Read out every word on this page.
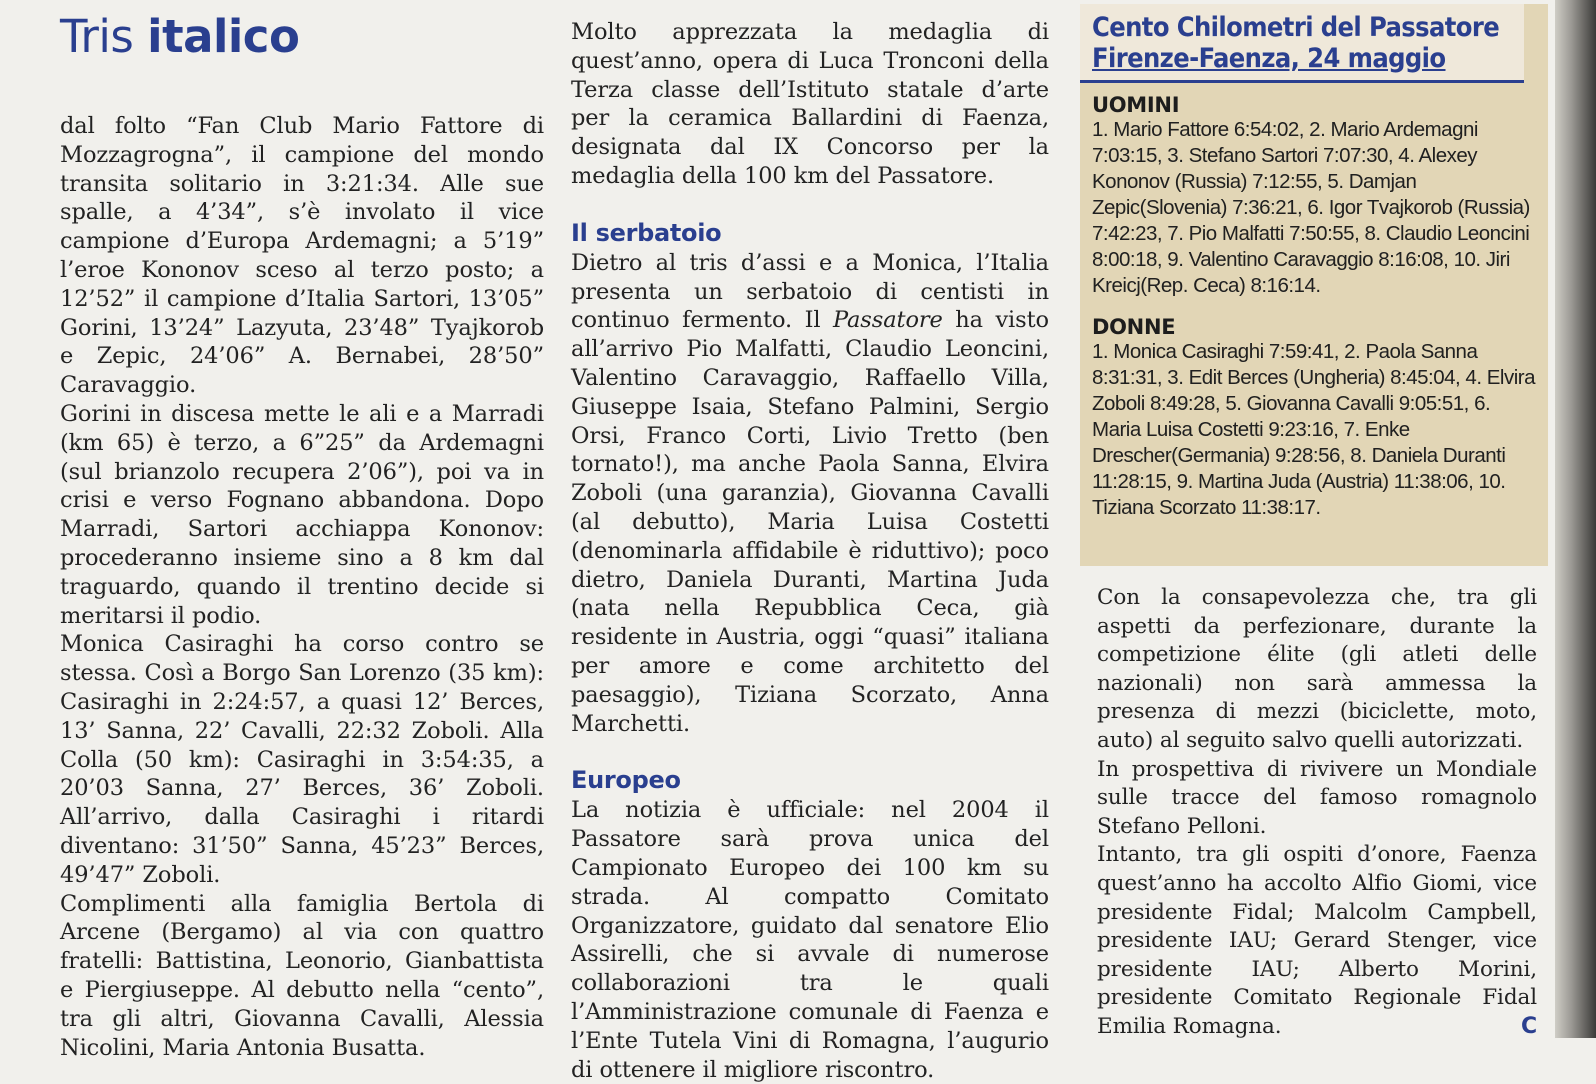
Tris italico

dal folto “Fan Club Mario Fattore di Mozzagrogna”, il campione del mondo transita solitario in 3:21:34. Alle sue spalle, a 4’34”, s’è involato il vice campione d’Europa Ardemagni; a 5’19” l’eroe Kononov sceso al terzo posto; a 12’52” il campione d’Italia Sartori, 13’05” Gorini, 13’24” Lazyuta, 23’48” Tyajkorob e Zepic, 24’06” A. Bernabei, 28’50” Caravaggio.

Gorini in discesa mette le ali e a Marradi (km 65) è terzo, a 6”25” da Ardemagni (sul brianzolo recupera 2’06”), poi va in crisi e verso Fognano abbandona. Dopo Marradi, Sartori acchiappa Kononov: procederanno insieme sino a 8 km dal traguardo, quando il trentino decide si meritarsi il podio.

Monica Casiraghi ha corso contro se stessa. Così a Borgo San Lorenzo (35 km): Casiraghi in 2:24:57, a quasi 12’ Berces, 13’ Sanna, 22’ Cavalli, 22:32 Zoboli. Alla Colla (50 km): Casiraghi in 3:54:35, a 20’03 Sanna, 27’ Berces, 36’ Zoboli. All’arrivo, dalla Casiraghi i ritardi diventano: 31’50” Sanna, 45’23” Berces, 49’47” Zoboli.

Complimenti alla famiglia Bertola di Arcene (Bergamo) al via con quattro fratelli: Battistina, Leonorio, Gianbattista e Piergiuseppe. Al debutto nella “cento”, tra gli altri, Giovanna Cavalli, Alessia Nicolini, Maria Antonia Busatta.

Molto apprezzata la medaglia di quest’anno, opera di Luca Tronconi della Terza classe dell’Istituto statale d’arte per la ceramica Ballardini di Faenza, designata dal IX Concorso per la medaglia della 100 km del Passatore.

Il serbatoio

Dietro al tris d’assi e a Monica, l’Italia presenta un serbatoio di centisti in continuo fermento. Il Passatore ha visto all’arrivo Pio Malfatti, Claudio Leoncini, Valentino Caravaggio, Raffaello Villa, Giuseppe Isaia, Stefano Palmini, Sergio Orsi, Franco Corti, Livio Tretto (ben tornato!), ma anche Paola Sanna, Elvira Zoboli (una garanzia), Giovanna Cavalli (al debutto), Maria Luisa Costetti (denominarla affidabile è riduttivo); poco dietro, Daniela Duranti, Martina Juda (nata nella Repubblica Ceca, già residente in Austria, oggi “quasi” italiana per amore e come architetto del paesaggio), Tiziana Scorzato, Anna Marchetti.

Europeo

La notizia è ufficiale: nel 2004 il Passatore sarà prova unica del Campionato Europeo dei 100 km su strada. Al compatto Comitato Organizzatore, guidato dal senatore Elio Assirelli, che si avvale di numerose collaborazioni tra le quali l’Amministrazione comunale di Faenza e l’Ente Tutela Vini di Romagna, l’augurio di ottenere il migliore riscontro.

Cento Chilometri del Passatore
Firenze-Faenza, 24 maggio

UOMINI

1. Mario Fattore 6:54:02, 2. Mario Ardemagni 7:03:15, 3. Stefano Sartori 7:07:30, 4. Alexey Kononov (Russia) 7:12:55, 5. Damjan Zepic(Slovenia) 7:36:21, 6. Igor Tvajkorob (Russia) 7:42:23, 7. Pio Malfatti 7:50:55, 8. Claudio Leoncini 8:00:18, 9. Valentino Caravaggio 8:16:08, 10. Jiri Kreicj(Rep. Ceca) 8:16:14.

DONNE

1. Monica Casiraghi 7:59:41, 2. Paola Sanna 8:31:31, 3. Edit Berces (Ungheria) 8:45:04, 4. Elvira Zoboli 8:49:28, 5. Giovanna Cavalli 9:05:51, 6. Maria Luisa Costetti 9:23:16, 7. Enke Drescher(Germania) 9:28:56, 8. Daniela Duranti 11:28:15, 9. Martina Juda (Austria) 11:38:06, 10. Tiziana Scorzato 11:38:17.

Con la consapevolezza che, tra gli aspetti da perfezionare, durante la competizione élite (gli atleti delle nazionali) non sarà ammessa la presenza di mezzi (biciclette, moto, auto) al seguito salvo quelli autorizzati.

In prospettiva di rivivere un Mondiale sulle tracce del famoso romagnolo Stefano Pelloni.

Intanto, tra gli ospiti d’onore, Faenza quest’anno ha accolto Alfio Giomi, vice presidente Fidal; Malcolm Campbell, presidente IAU; Gerard Stenger, vice presidente IAU; Alberto Morini, presidente Comitato Regionale Fidal Emilia Romagna.	C
